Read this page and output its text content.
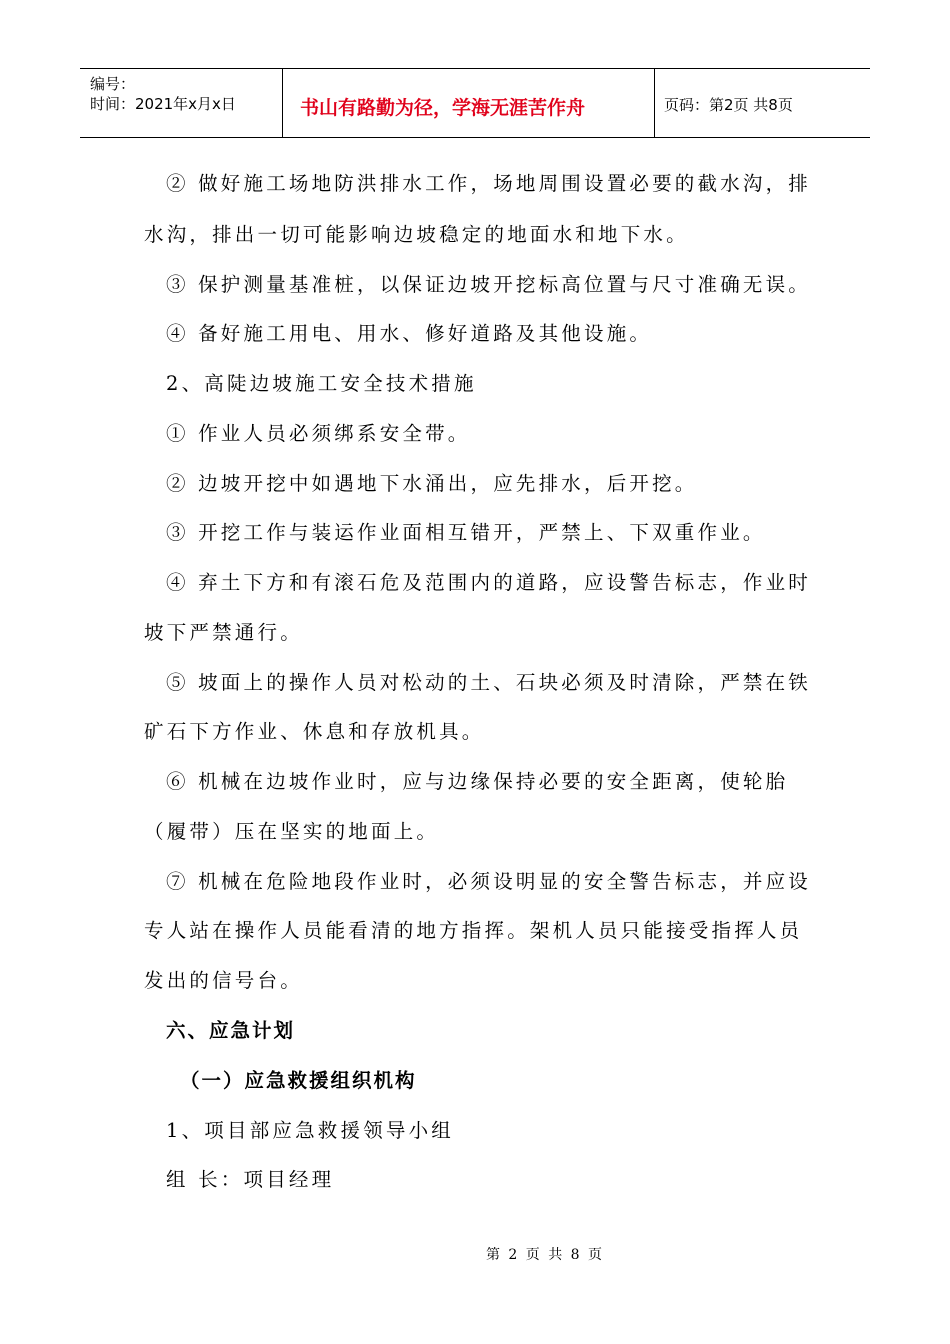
编号：
时间：2021年x月x日	书山有路勤为径，学海无涯苦作舟	页码：第2页 共8页
② 做好施工场地防洪排水工作，场地周围设置必要的截水沟，排
水沟，排出一切可能影响边坡稳定的地面水和地下水。
③ 保护测量基准桩，以保证边坡开挖标高位置与尺寸准确无误。
④ 备好施工用电、用水、修好道路及其他设施。
2、高陡边坡施工安全技术措施
① 作业人员必须绑系安全带。
② 边坡开挖中如遇地下水涌出，应先排水，后开挖。
③ 开挖工作与装运作业面相互错开，严禁上、下双重作业。
④ 弃土下方和有滚石危及范围内的道路，应设警告标志，作业时
坡下严禁通行。
⑤ 坡面上的操作人员对松动的土、石块必须及时清除，严禁在铁
矿石下方作业、休息和存放机具。
⑥ 机械在边坡作业时，应与边缘保持必要的安全距离，使轮胎
（履带）压在坚实的地面上。
⑦ 机械在危险地段作业时，必须设明显的安全警告标志，并应设
专人站在操作人员能看清的地方指挥。架机人员只能接受指挥人员
发出的信号台。
六、应急计划
（一）应急救援组织机构
1、项目部应急救援领导小组
组 长：项目经理
第 2 页 共 8 页
